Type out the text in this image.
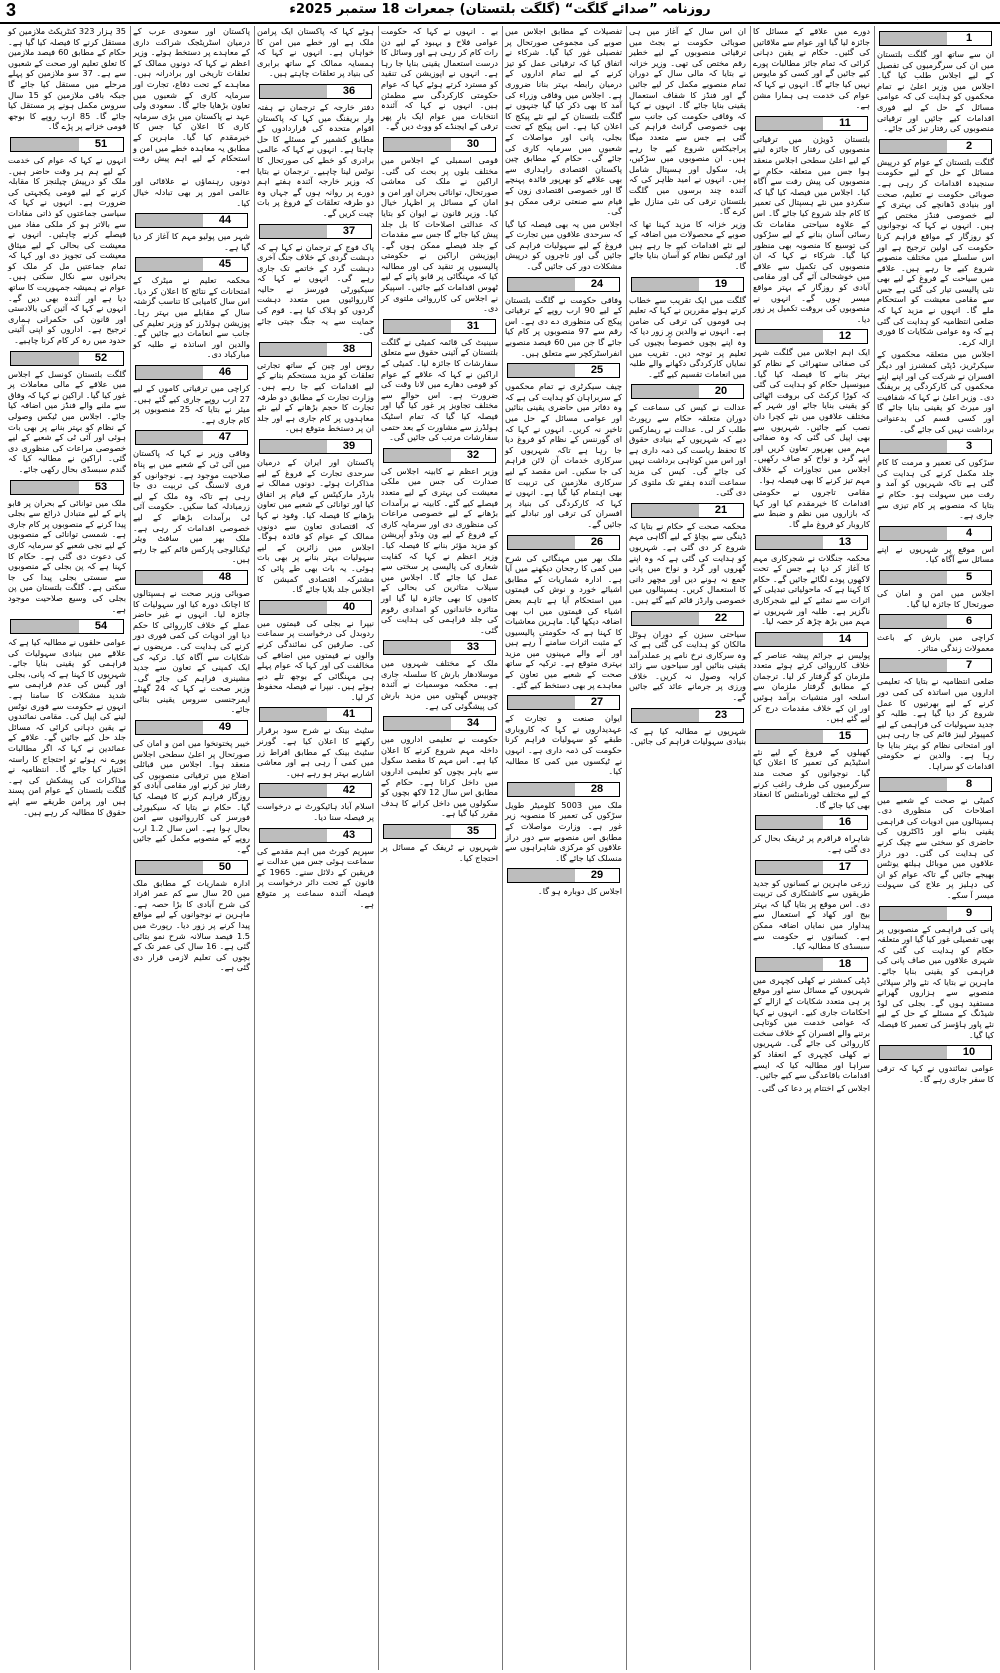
3	روزنامہ ”صدائے گلگت“ (گلگت بلتستان) جمعرات 18 ستمبر 2025ء
1

ان سے ساتھ اور گلگت بلتستان میں ان کی سرگرمیوں کی تفصیل کے لیے اجلاس طلب کیا گیا۔ اجلاس میں وزیر اعلیٰ نے تمام محکموں کو ہدایت کی کہ عوامی مسائل کے حل کے لیے فوری اقدامات کیے جائیں اور ترقیاتی منصوبوں کی رفتار تیز کی جائے۔

2

گلگت بلتستان کے عوام کو درپیش مسائل کے حل کے لیے حکومت سنجیدہ اقدامات کر رہی ہے۔ صوبائی حکومت نے تعلیم، صحت اور بنیادی ڈھانچے کی بہتری کے لیے خصوصی فنڈز مختص کیے ہیں۔ انہوں نے کہا کہ نوجوانوں کو روزگار کے مواقع فراہم کرنا حکومت کی اولین ترجیح ہے اور اس سلسلے میں مختلف منصوبے شروع کیے جا رہے ہیں۔ علاقے میں سیاحت کے فروغ کے لیے بھی نئی پالیسی تیار کی گئی ہے جس سے مقامی معیشت کو استحکام ملے گا۔ انہوں نے مزید کہا کہ ضلعی انتظامیہ کو ہدایت کی گئی ہے کہ وہ عوامی شکایات کا فوری ازالہ کرے۔

اجلاس میں متعلقہ محکموں کے سیکرٹریز، ڈپٹی کمشنرز اور دیگر افسران نے شرکت کی اور اپنے اپنے محکموں کی کارکردگی پر بریفنگ دی۔ وزیر اعلیٰ نے کہا کہ شفافیت اور میرٹ کو یقینی بنایا جائے گا اور کسی قسم کی بدعنوانی برداشت نہیں کی جائے گی۔

3

سڑکوں کی تعمیر و مرمت کا کام جلد مکمل کرنے کی ہدایت کی گئی ہے تاکہ شہریوں کو آمد و رفت میں سہولت ہو۔ حکام نے بتایا کہ منصوبے پر کام تیزی سے جاری ہے۔

4

اس موقع پر شہریوں نے اپنے مسائل سے آگاہ کیا۔

5

اجلاس میں امن و امان کی صورتحال کا جائزہ لیا گیا۔

6

کراچی میں بارش کے باعث معمولات زندگی متاثر۔

7

ضلعی انتظامیہ نے بتایا کہ تعلیمی اداروں میں اساتذہ کی کمی دور کرنے کے لیے بھرتیوں کا عمل شروع کر دیا گیا ہے۔ طلبہ کو جدید سہولیات کی فراہمی کے لیے کمپیوٹر لیبز قائم کی جا رہی ہیں اور امتحانی نظام کو بہتر بنایا جا رہا ہے۔ والدین نے حکومتی اقدامات کو سراہا۔

8

کمیٹی نے صحت کے شعبے میں اصلاحات کی منظوری دی۔ ہسپتالوں میں ادویات کی فراہمی یقینی بنانے اور ڈاکٹروں کی حاضری کو سختی سے چیک کرنے کی ہدایت کی گئی۔ دور دراز علاقوں میں موبائل ہیلتھ یونٹس بھیجے جائیں گے تاکہ عوام کو ان کی دہلیز پر علاج کی سہولت میسر آ سکے۔

9

پانی کی فراہمی کے منصوبوں پر بھی تفصیلی غور کیا گیا اور متعلقہ حکام کو ہدایت کی گئی کہ شہری علاقوں میں صاف پانی کی فراہمی کو یقینی بنایا جائے۔ ماہرین نے بتایا کہ نئے واٹر سپلائی منصوبے سے ہزاروں گھرانے مستفید ہوں گے۔ بجلی کی لوڈ شیڈنگ کے مسئلے کے حل کے لیے نئے پاور ہاؤسز کی تعمیر کا فیصلہ کیا گیا۔

10

عوامی نمائندوں نے کہا کہ ترقی کا سفر جاری رہے گا۔

دورے میں علاقے کے مسائل کا جائزہ لیا گیا اور عوام سے ملاقاتیں کی گئیں۔ حکام نے یقین دہانی کرائی کہ تمام جائز مطالبات پورے کیے جائیں گے اور کسی کو مایوس نہیں کیا جائے گا۔ انہوں نے کہا کہ عوام کی خدمت ہی ہمارا مشن ہے۔

11

بلتستان ڈویژن میں ترقیاتی منصوبوں کی رفتار کا جائزہ لینے کے لیے اعلیٰ سطحی اجلاس منعقد ہوا جس میں متعلقہ حکام نے منصوبوں کی پیش رفت سے آگاہ کیا۔ اجلاس میں فیصلہ کیا گیا کہ سکردو میں نئے ہسپتال کی تعمیر کا کام جلد شروع کیا جائے گا۔ اس کے علاوہ سیاحتی مقامات تک رسائی آسان بنانے کے لیے سڑکوں کی توسیع کا منصوبہ بھی منظور کیا گیا۔ شرکاء نے کہا کہ ان منصوبوں کی تکمیل سے علاقے میں خوشحالی آئے گی اور مقامی آبادی کو روزگار کے بہتر مواقع میسر ہوں گے۔ انہوں نے منصوبوں کی بروقت تکمیل پر زور دیا۔

12

ایک اہم اجلاس میں گلگت شہر کی صفائی ستھرائی کے نظام کو بہتر بنانے کا فیصلہ کیا گیا۔ میونسپل حکام کو ہدایت کی گئی کہ کوڑا کرکٹ کی بروقت اٹھائی کو یقینی بنایا جائے اور شہر کے مختلف علاقوں میں نئے کچرا دان نصب کیے جائیں۔ شہریوں سے بھی اپیل کی گئی کہ وہ صفائی مہم میں بھرپور تعاون کریں اور اپنے گرد و نواح کو صاف رکھیں۔ اجلاس میں تجاوزات کے خلاف مہم تیز کرنے کا بھی فیصلہ ہوا۔

مقامی تاجروں نے حکومتی اقدامات کا خیرمقدم کیا اور کہا کہ بازاروں میں نظم و ضبط سے کاروبار کو فروغ ملے گا۔

13

محکمہ جنگلات نے شجرکاری مہم کا آغاز کر دیا ہے جس کے تحت لاکھوں پودے لگائے جائیں گے۔ حکام کا کہنا ہے کہ ماحولیاتی تبدیلی کے اثرات سے نمٹنے کے لیے شجرکاری ناگزیر ہے۔ طلبہ اور شہریوں نے مہم میں بڑھ چڑھ کر حصہ لیا۔

14

پولیس نے جرائم پیشہ عناصر کے خلاف کارروائی کرتے ہوئے متعدد ملزمان کو گرفتار کر لیا۔ ترجمان کے مطابق گرفتار ملزمان سے اسلحہ اور منشیات برآمد ہوئیں اور ان کے خلاف مقدمات درج کر لیے گئے ہیں۔

15

کھیلوں کے فروغ کے لیے نئے اسٹیڈیم کی تعمیر کا اعلان کیا گیا۔ نوجوانوں کو صحت مند سرگرمیوں کی طرف راغب کرنے کے لیے مختلف ٹورنامنٹس کا انعقاد بھی کیا جائے گا۔

16

شاہراہ قراقرم پر ٹریفک بحال کر دی گئی ہے۔

17

زرعی ماہرین نے کسانوں کو جدید طریقوں سے کاشتکاری کی تربیت دی۔ اس موقع پر بتایا گیا کہ بہتر بیج اور کھاد کے استعمال سے پیداوار میں نمایاں اضافہ ممکن ہے۔ کسانوں نے حکومت سے سبسڈی کا مطالبہ کیا۔

18

ڈپٹی کمشنر نے کھلی کچہری میں شہریوں کے مسائل سنے اور موقع پر ہی متعدد شکایات کے ازالے کے احکامات جاری کیے۔ انہوں نے کہا کہ عوامی خدمت میں کوتاہی برتنے والے افسران کے خلاف سخت کارروائی کی جائے گی۔ شہریوں نے کھلی کچہری کے انعقاد کو سراہا اور مطالبہ کیا کہ ایسے اقدامات باقاعدگی سے کیے جائیں۔

اجلاس کے اختتام پر دعا کی گئی۔

ان اس سال کے آغاز میں ہی صوبائی حکومت نے بجٹ میں ترقیاتی منصوبوں کے لیے خطیر رقم مختص کی تھی۔ وزیر خزانہ نے بتایا کہ مالی سال کے دوران تمام منصوبے مکمل کر لیے جائیں گے اور فنڈز کا شفاف استعمال یقینی بنایا جائے گا۔ انہوں نے کہا کہ وفاقی حکومت کی جانب سے بھی خصوصی گرانٹ فراہم کی گئی ہے جس سے متعدد میگا پراجیکٹس شروع کیے جا رہے ہیں۔ ان منصوبوں میں سڑکیں، پل، سکول اور ہسپتال شامل ہیں۔ انہوں نے امید ظاہر کی کہ آئندہ چند برسوں میں گلگت بلتستان ترقی کی نئی منازل طے کرے گا۔

وزیر خزانہ کا مزید کہنا تھا کہ صوبے کے محصولات میں اضافہ کے لیے نئے اقدامات کیے جا رہے ہیں اور ٹیکس نظام کو آسان بنایا جائے گا۔

19

گلگت میں ایک تقریب سے خطاب کرتے ہوئے مقررین نے کہا کہ تعلیم ہی قوموں کی ترقی کی ضامن ہے۔ انہوں نے والدین پر زور دیا کہ وہ اپنے بچوں خصوصاً بچیوں کی تعلیم پر توجہ دیں۔ تقریب میں نمایاں کارکردگی دکھانے والے طلبہ میں انعامات تقسیم کیے گئے۔

20

عدالت نے کیس کی سماعت کے دوران متعلقہ حکام سے رپورٹ طلب کر لی۔ عدالت نے ریمارکس دیے کہ شہریوں کے بنیادی حقوق کا تحفظ ریاست کی ذمہ داری ہے اور اس میں کوتاہی برداشت نہیں کی جائے گی۔ کیس کی مزید سماعت آئندہ ہفتے تک ملتوی کر دی گئی۔

21

محکمہ صحت کے حکام نے بتایا کہ ڈینگی سے بچاؤ کے لیے آگاہی مہم شروع کر دی گئی ہے۔ شہریوں کو ہدایت کی گئی ہے کہ وہ اپنے گھروں اور گرد و نواح میں پانی جمع نہ ہونے دیں اور مچھر دانی کا استعمال کریں۔ ہسپتالوں میں خصوصی وارڈز قائم کیے گئے ہیں۔

22

سیاحتی سیزن کے دوران ہوٹل مالکان کو ہدایت کی گئی ہے کہ وہ سرکاری نرخ نامے پر عملدرآمد یقینی بنائیں اور سیاحوں سے زائد کرایہ وصول نہ کریں۔ خلاف ورزی پر جرمانے عائد کیے جائیں گے۔

23

شہریوں نے مطالبہ کیا ہے کہ بنیادی سہولیات فراہم کی جائیں۔

تفصیلات کے مطابق اجلاس میں صوبے کی مجموعی صورتحال پر تفصیلی غور کیا گیا۔ شرکاء نے اتفاق کیا کہ ترقیاتی عمل کو تیز کرنے کے لیے تمام اداروں کے درمیان رابطہ بہتر بنانا ضروری ہے۔ اجلاس میں وفاقی وزراء کی آمد کا بھی ذکر کیا گیا جنہوں نے گلگت بلتستان کے لیے نئے پیکج کا اعلان کیا ہے۔ اس پیکج کے تحت بجلی، پانی اور مواصلات کے شعبوں میں سرمایہ کاری کی جائے گی۔ حکام کے مطابق چین پاکستان اقتصادی راہداری سے بھی علاقے کو بھرپور فائدہ پہنچے گا اور خصوصی اقتصادی زون کے قیام سے صنعتی ترقی ممکن ہو گی۔

اجلاس میں یہ بھی فیصلہ کیا گیا کہ سرحدی علاقوں میں تجارت کے فروغ کے لیے سہولیات فراہم کی جائیں گی اور تاجروں کو درپیش مشکلات دور کی جائیں گی۔

24

وفاقی حکومت نے گلگت بلتستان کے لیے 90 ارب روپے کے ترقیاتی پیکج کی منظوری دے دی ہے۔ اس رقم سے 97 منصوبوں پر کام کیا جائے گا جن میں 60 فیصد منصوبے انفراسٹرکچر سے متعلق ہیں۔

25

چیف سیکرٹری نے تمام محکموں کے سربراہان کو ہدایت کی ہے کہ وہ دفاتر میں حاضری یقینی بنائیں اور عوامی مسائل کے حل میں تاخیر نہ کریں۔ انہوں نے کہا کہ ای گورننس کے نظام کو فروغ دیا جا رہا ہے تاکہ شہریوں کو سرکاری خدمات آن لائن فراہم کی جا سکیں۔ اس مقصد کے لیے سرکاری ملازمین کی تربیت کا بھی اہتمام کیا گیا ہے۔ انہوں نے کہا کہ کارکردگی کی بنیاد پر افسران کی ترقی اور تبادلے کیے جائیں گے۔

26

ملک بھر میں مہنگائی کی شرح میں کمی کا رجحان دیکھنے میں آیا ہے۔ ادارہ شماریات کے مطابق اشیائے خورد و نوش کی قیمتوں میں استحکام آیا ہے تاہم بعض اشیاء کی قیمتوں میں اب بھی اضافہ دیکھا گیا۔ ماہرین معاشیات کا کہنا ہے کہ حکومتی پالیسیوں کے مثبت اثرات سامنے آ رہے ہیں اور آنے والے مہینوں میں مزید بہتری متوقع ہے۔ ترکیہ کے ساتھ صحت کے شعبے میں تعاون کے معاہدے پر بھی دستخط کیے گئے۔

27

ایوان صنعت و تجارت کے عہدیداروں نے کہا کہ کاروباری طبقے کو سہولیات فراہم کرنا حکومت کی ذمہ داری ہے۔ انہوں نے ٹیکسوں میں کمی کا مطالبہ کیا۔

28

ملک میں 5003 کلومیٹر طویل سڑکوں کی تعمیر کا منصوبہ زیر غور ہے۔ وزارت مواصلات کے مطابق اس منصوبے سے دور دراز علاقوں کو مرکزی شاہراہوں سے منسلک کیا جائے گا۔

29

اجلاس کل دوبارہ ہو گا۔

بے ۔ انہوں نے کہا کہ حکومت عوامی فلاح و بہبود کے لیے دن رات کام کر رہی ہے اور وسائل کا درست استعمال یقینی بنایا جا رہا ہے۔ انہوں نے اپوزیشن کی تنقید کو مسترد کرتے ہوئے کہا کہ عوام حکومتی کارکردگی سے مطمئن ہیں۔ انہوں نے کہا کہ آئندہ انتخابات میں عوام ایک بار پھر ترقی کے ایجنڈے کو ووٹ دیں گے۔

30

قومی اسمبلی کے اجلاس میں مختلف بلوں پر بحث کی گئی۔ اراکین نے ملک کی معاشی صورتحال، توانائی بحران اور امن و امان کے مسائل پر اظہار خیال کیا۔ وزیر قانون نے ایوان کو بتایا کہ عدالتی اصلاحات کا بل جلد پیش کیا جائے گا جس سے مقدمات کے جلد فیصلے ممکن ہوں گے۔ اپوزیشن اراکین نے حکومتی پالیسیوں پر تنقید کی اور مطالبہ کیا کہ مہنگائی پر قابو پانے کے لیے ٹھوس اقدامات کیے جائیں۔ اسپیکر نے اجلاس کی کارروائی ملتوی کر دی۔

31

سینیٹ کی قائمہ کمیٹی نے گلگت بلتستان کے آئینی حقوق سے متعلق سفارشات کا جائزہ لیا۔ کمیٹی کے اراکین نے کہا کہ علاقے کے عوام کو قومی دھارے میں لانا وقت کی ضرورت ہے۔ اس حوالے سے مختلف تجاویز پر غور کیا گیا اور فیصلہ کیا گیا کہ تمام اسٹیک ہولڈرز سے مشاورت کے بعد حتمی سفارشات مرتب کی جائیں گی۔

32

وزیر اعظم نے کابینہ اجلاس کی صدارت کی جس میں ملکی معیشت کی بہتری کے لیے متعدد فیصلے کیے گئے۔ کابینہ نے برآمدات بڑھانے کے لیے خصوصی مراعات کی منظوری دی اور سرمایہ کاری کے فروغ کے لیے ون ونڈو آپریشن کو مزید مؤثر بنانے کا فیصلہ کیا۔ وزیر اعظم نے کہا کہ کفایت شعاری کی پالیسی پر سختی سے عمل کیا جائے گا۔ اجلاس میں سیلاب متاثرین کی بحالی کے کاموں کا بھی جائزہ لیا گیا اور متاثرہ خاندانوں کو امدادی رقوم کی جلد فراہمی کی ہدایت کی گئی۔

33

ملک کے مختلف شہروں میں موسلادھار بارش کا سلسلہ جاری ہے۔ محکمہ موسمیات نے آئندہ چوبیس گھنٹوں میں مزید بارش کی پیشگوئی کی ہے۔

34

حکومت نے تعلیمی اداروں میں داخلہ مہم شروع کرنے کا اعلان کیا ہے۔ اس مہم کا مقصد سکول سے باہر بچوں کو تعلیمی اداروں میں داخل کرانا ہے۔ حکام کے مطابق اس سال 12 لاکھ بچوں کو سکولوں میں داخل کرانے کا ہدف مقرر کیا گیا ہے۔

35

شہریوں نے ٹریفک کے مسائل پر احتجاج کیا۔

ہوئے کہا کہ پاکستان ایک پرامن ملک ہے اور خطے میں امن کا خواہاں ہے۔ انہوں نے کہا کہ ہمسایہ ممالک کے ساتھ برابری کی بنیاد پر تعلقات چاہتے ہیں۔

36

دفتر خارجہ کے ترجمان نے ہفتہ وار بریفنگ میں کہا کہ پاکستان اقوام متحدہ کی قراردادوں کے مطابق کشمیر کے مسئلے کا حل چاہتا ہے۔ انہوں نے کہا کہ عالمی برادری کو خطے کی صورتحال کا نوٹس لینا چاہیے۔ ترجمان نے بتایا کہ وزیر خارجہ آئندہ ہفتے اہم دورے پر روانہ ہوں گے جہاں وہ دو طرفہ تعلقات کے فروغ پر بات چیت کریں گے۔

37

پاک فوج کے ترجمان نے کہا ہے کہ دہشت گردی کے خلاف جنگ آخری دہشت گرد کے خاتمے تک جاری رہے گی۔ انہوں نے کہا کہ سیکیورٹی فورسز نے حالیہ کارروائیوں میں متعدد دہشت گردوں کو ہلاک کیا ہے۔ قوم کی حمایت سے یہ جنگ جیتی جائے گی۔

38

روس اور چین کے ساتھ تجارتی تعلقات کو مزید مستحکم بنانے کے لیے اقدامات کیے جا رہے ہیں۔ وزارت تجارت کے مطابق دو طرفہ تجارت کا حجم بڑھانے کے لیے نئے معاہدوں پر کام جاری ہے اور جلد ان پر دستخط متوقع ہیں۔

39

پاکستان اور ایران کے درمیان سرحدی تجارت کے فروغ کے لیے مذاکرات ہوئے۔ دونوں ممالک نے بارڈر مارکیٹس کے قیام پر اتفاق کیا اور توانائی کے شعبے میں تعاون بڑھانے کا فیصلہ کیا۔ وفود نے کہا کہ اقتصادی تعاون سے دونوں ممالک کے عوام کو فائدہ ہوگا۔ اجلاس میں زائرین کے لیے سہولیات بہتر بنانے پر بھی بات ہوئی۔ یہ بات بھی طے پائی کہ مشترکہ اقتصادی کمیشن کا اجلاس جلد بلایا جائے گا۔

40

نیپرا نے بجلی کی قیمتوں میں ردوبدل کی درخواست پر سماعت کی۔ صارفین کی نمائندگی کرنے والوں نے قیمتوں میں اضافے کی مخالفت کی اور کہا کہ عوام پہلے ہی مہنگائی کے بوجھ تلے دبے ہوئے ہیں۔ نیپرا نے فیصلہ محفوظ کر لیا۔

41

سٹیٹ بینک نے شرح سود برقرار رکھنے کا اعلان کیا ہے۔ گورنر سٹیٹ بینک کے مطابق افراط زر میں کمی آ رہی ہے اور معاشی اشاریے بہتر ہو رہے ہیں۔

42

اسلام آباد ہائیکورٹ نے درخواست پر فیصلہ سنا دیا۔

43

سپریم کورٹ میں اہم مقدمے کی سماعت ہوئی جس میں عدالت نے فریقین کے دلائل سنے۔ 1965 کے قانون کے تحت دائر درخواست پر فیصلہ آئندہ سماعت پر متوقع ہے۔

پاکستان اور سعودی عرب کے درمیان اسٹریٹجک شراکت داری کے معاہدے پر دستخط ہوئے۔ وزیر اعظم نے کہا کہ دونوں ممالک کے تعلقات تاریخی اور برادرانہ ہیں۔ معاہدے کے تحت دفاع، تجارت اور سرمایہ کاری کے شعبوں میں تعاون بڑھایا جائے گا۔ سعودی ولی عہد نے پاکستان میں بڑی سرمایہ کاری کا اعلان کیا جس کا خیرمقدم کیا گیا۔ ماہرین کے مطابق یہ معاہدہ خطے میں امن و استحکام کے لیے اہم پیش رفت ہے۔

دونوں رہنماؤں نے علاقائی اور عالمی امور پر بھی تبادلہ خیال کیا۔

44

شہر میں پولیو مہم کا آغاز کر دیا گیا ہے۔

45

محکمہ تعلیم نے میٹرک کے امتحانات کے نتائج کا اعلان کر دیا۔ اس سال کامیابی کا تناسب گزشتہ سال کے مقابلے میں بہتر رہا۔ پوزیشن ہولڈرز کو وزیر تعلیم کی جانب سے انعامات دیے جائیں گے۔ والدین اور اساتذہ نے طلبہ کو مبارکباد دی۔

46

کراچی میں ترقیاتی کاموں کے لیے 27 ارب روپے جاری کیے گئے ہیں۔ میئر نے بتایا کہ 25 منصوبوں پر کام جاری ہے۔

47

وفاقی وزیر نے کہا کہ پاکستان میں آئی ٹی کے شعبے میں بے پناہ صلاحیت موجود ہے۔ نوجوانوں کو فری لانسنگ کی تربیت دی جا رہی ہے تاکہ وہ ملک کے لیے زرمبادلہ کما سکیں۔ حکومت آئی ٹی برآمدات بڑھانے کے لیے خصوصی اقدامات کر رہی ہے۔ ملک بھر میں سافٹ ویئر ٹیکنالوجی پارکس قائم کیے جا رہے ہیں۔

48

صوبائی وزیر صحت نے ہسپتالوں کا اچانک دورہ کیا اور سہولیات کا جائزہ لیا۔ انہوں نے غیر حاضر عملے کے خلاف کارروائی کا حکم دیا اور ادویات کی کمی فوری دور کرنے کی ہدایت کی۔ مریضوں نے شکایات سے آگاہ کیا۔ ترکیہ کی ایک کمپنی کے تعاون سے جدید مشینری فراہم کی جائے گی۔ وزیر صحت نے کہا کہ 24 گھنٹے ایمرجنسی سروس یقینی بنائی جائے۔

49

خیبر پختونخوا میں امن و امان کی صورتحال پر اعلیٰ سطحی اجلاس منعقد ہوا۔ اجلاس میں قبائلی اضلاع میں ترقیاتی منصوبوں کی رفتار تیز کرنے اور مقامی آبادی کو روزگار فراہم کرنے کا فیصلہ کیا گیا۔ حکام نے بتایا کہ سیکیورٹی فورسز کی کارروائیوں سے امن بحال ہوا ہے۔ اس سال 1.2 ارب روپے کے منصوبے مکمل کیے جائیں گے۔

50

ادارہ شماریات کے مطابق ملک میں 20 سال سے کم عمر افراد کی شرح آبادی کا بڑا حصہ ہے۔ ماہرین نے نوجوانوں کے لیے مواقع پیدا کرنے پر زور دیا۔ رپورٹ میں 1.5 فیصد سالانہ شرح نمو بتائی گئی ہے۔ 16 سال کی عمر تک کے بچوں کی تعلیم لازمی قرار دی گئی ہے۔

35 ہزار 323 کنٹریکٹ ملازمین کو مستقل کرنے کا فیصلہ کیا گیا ہے۔ حکام کے مطابق 60 فیصد ملازمین کا تعلق تعلیم اور صحت کے شعبوں سے ہے۔ 37 سو ملازمین کو پہلے مرحلے میں مستقل کیا جائے گا جبکہ باقی ملازمین کو 15 سال سروس مکمل ہونے پر مستقل کیا جائے گا۔ 85 ارب روپے کا بوجھ قومی خزانے پر پڑے گا۔

51

انہوں نے کہا کہ عوام کی خدمت کے لیے ہم ہر وقت حاضر ہیں۔ ملک کو درپیش چیلنجز کا مقابلہ کرنے کے لیے قومی یکجہتی کی ضرورت ہے۔ انہوں نے کہا کہ سیاسی جماعتوں کو ذاتی مفادات سے بالاتر ہو کر ملکی مفاد میں فیصلے کرنے چاہئیں۔ انہوں نے معیشت کی بحالی کے لیے میثاق معیشت کی تجویز دی اور کہا کہ تمام جماعتیں مل کر ملک کو بحرانوں سے نکال سکتی ہیں۔ عوام نے ہمیشہ جمہوریت کا ساتھ دیا ہے اور آئندہ بھی دیں گے۔ انہوں نے کہا کہ آئین کی بالادستی اور قانون کی حکمرانی ہماری ترجیح ہے۔ اداروں کو اپنی آئینی حدود میں رہ کر کام کرنا چاہیے۔

52

گلگت بلتستان کونسل کے اجلاس میں علاقے کے مالی معاملات پر غور کیا گیا۔ اراکین نے کہا کہ وفاق سے ملنے والے فنڈز میں اضافہ کیا جائے۔ اجلاس میں ٹیکس وصولی کے نظام کو بہتر بنانے پر بھی بات ہوئی اور آئی ٹی کے شعبے کے لیے خصوصی مراعات کی منظوری دی گئی۔ اراکین نے مطالبہ کیا کہ گندم سبسڈی بحال رکھی جائے۔

53

ملک میں توانائی کے بحران پر قابو پانے کے لیے متبادل ذرائع سے بجلی پیدا کرنے کے منصوبوں پر کام جاری ہے۔ شمسی توانائی کے منصوبوں کے لیے نجی شعبے کو سرمایہ کاری کی دعوت دی گئی ہے۔ حکام کا کہنا ہے کہ پن بجلی کے منصوبوں سے سستی بجلی پیدا کی جا سکتی ہے۔ گلگت بلتستان میں پن بجلی کی وسیع صلاحیت موجود ہے۔

54

عوامی حلقوں نے مطالبہ کیا ہے کہ علاقے میں بنیادی سہولیات کی فراہمی کو یقینی بنایا جائے۔ شہریوں کا کہنا ہے کہ پانی، بجلی اور گیس کی عدم فراہمی سے شدید مشکلات کا سامنا ہے۔ انہوں نے حکومت سے فوری نوٹس لینے کی اپیل کی۔ مقامی نمائندوں نے یقین دہانی کرائی کہ مسائل جلد حل کیے جائیں گے۔ علاقے کے عمائدین نے کہا کہ اگر مطالبات پورے نہ ہوئے تو احتجاج کا راستہ اختیار کیا جائے گا۔ انتظامیہ نے مذاکرات کی پیشکش کی ہے۔ گلگت بلتستان کے عوام امن پسند ہیں اور پرامن طریقے سے اپنے حقوق کا مطالبہ کر رہے ہیں۔
